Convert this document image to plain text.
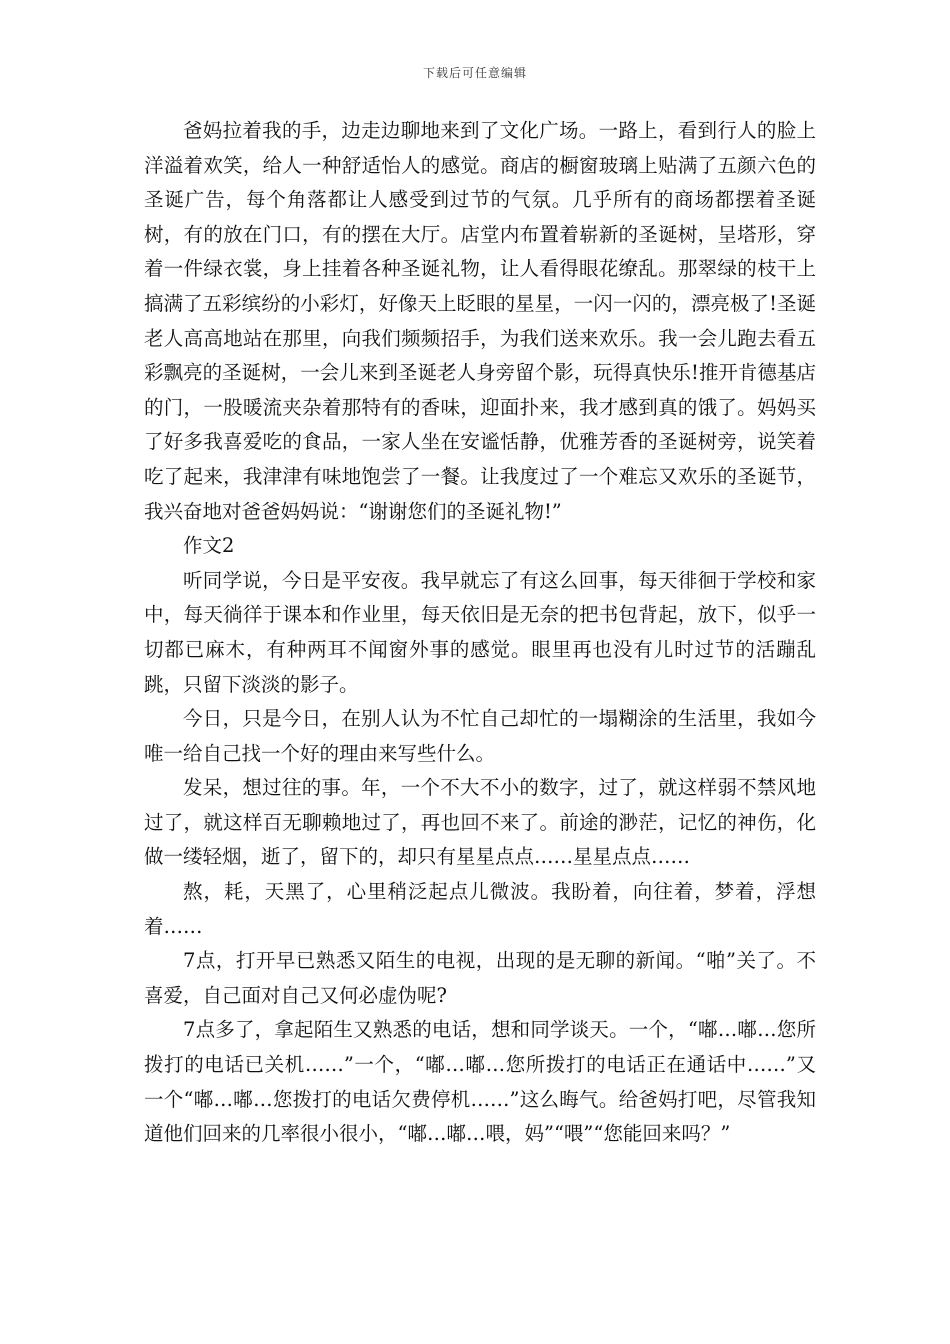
下载后可任意编辑

爸妈拉着我的手，边走边聊地来到了文化广场。一路上，看到行人的脸上洋溢着欢笑，给人一种舒适怡人的感觉。商店的橱窗玻璃上贴满了五颜六色的圣诞广告，每个角落都让人感受到过节的气氛。几乎所有的商场都摆着圣诞树，有的放在门口，有的摆在大厅。店堂内布置着崭新的圣诞树，呈塔形，穿着一件绿衣裳，身上挂着各种圣诞礼物，让人看得眼花缭乱。那翠绿的枝干上搞满了五彩缤纷的小彩灯，好像天上眨眼的星星，一闪一闪的，漂亮极了!圣诞老人高高地站在那里，向我们频频招手，为我们送来欢乐。我一会儿跑去看五彩飘亮的圣诞树，一会儿来到圣诞老人身旁留个影，玩得真快乐!推开肯德基店的门，一股暖流夹杂着那特有的香味，迎面扑来，我才感到真的饿了。妈妈买了好多我喜爱吃的食品，一家人坐在安谧恬静，优雅芳香的圣诞树旁，说笑着吃了起来，我津津有味地饱尝了一餐。让我度过了一个难忘又欢乐的圣诞节，我兴奋地对爸爸妈妈说：“谢谢您们的圣诞礼物!”

作文2

听同学说，今日是平安夜。我早就忘了有这么回事，每天徘徊于学校和家中，每天徜徉于课本和作业里，每天依旧是无奈的把书包背起，放下，似乎一切都已麻木，有种两耳不闻窗外事的感觉。眼里再也没有儿时过节的活蹦乱跳，只留下淡淡的影子。

今日，只是今日，在别人认为不忙自己却忙的一塌糊涂的生活里，我如今唯一给自己找一个好的理由来写些什么。

发呆，想过往的事。年，一个不大不小的数字，过了，就这样弱不禁风地过了，就这样百无聊赖地过了，再也回不来了。前途的渺茫，记忆的神伤，化做一缕轻烟，逝了，留下的，却只有星星点点……星星点点……

熬，耗，天黑了，心里稍泛起点儿微波。我盼着，向往着，梦着，浮想着……

7点，打开早已熟悉又陌生的电视，出现的是无聊的新闻。“啪”关了。不喜爱，自己面对自己又何必虚伪呢?

7点多了，拿起陌生又熟悉的电话，想和同学谈天。一个，“嘟…嘟…您所拨打的电话已关机……”一个，“嘟…嘟…您所拨打的电话正在通话中……”又一个“嘟…嘟…您拨打的电话欠费停机……”这么晦气。给爸妈打吧，尽管我知道他们回来的几率很小很小，“嘟…嘟…喂，妈”“喂”“您能回来吗？”
